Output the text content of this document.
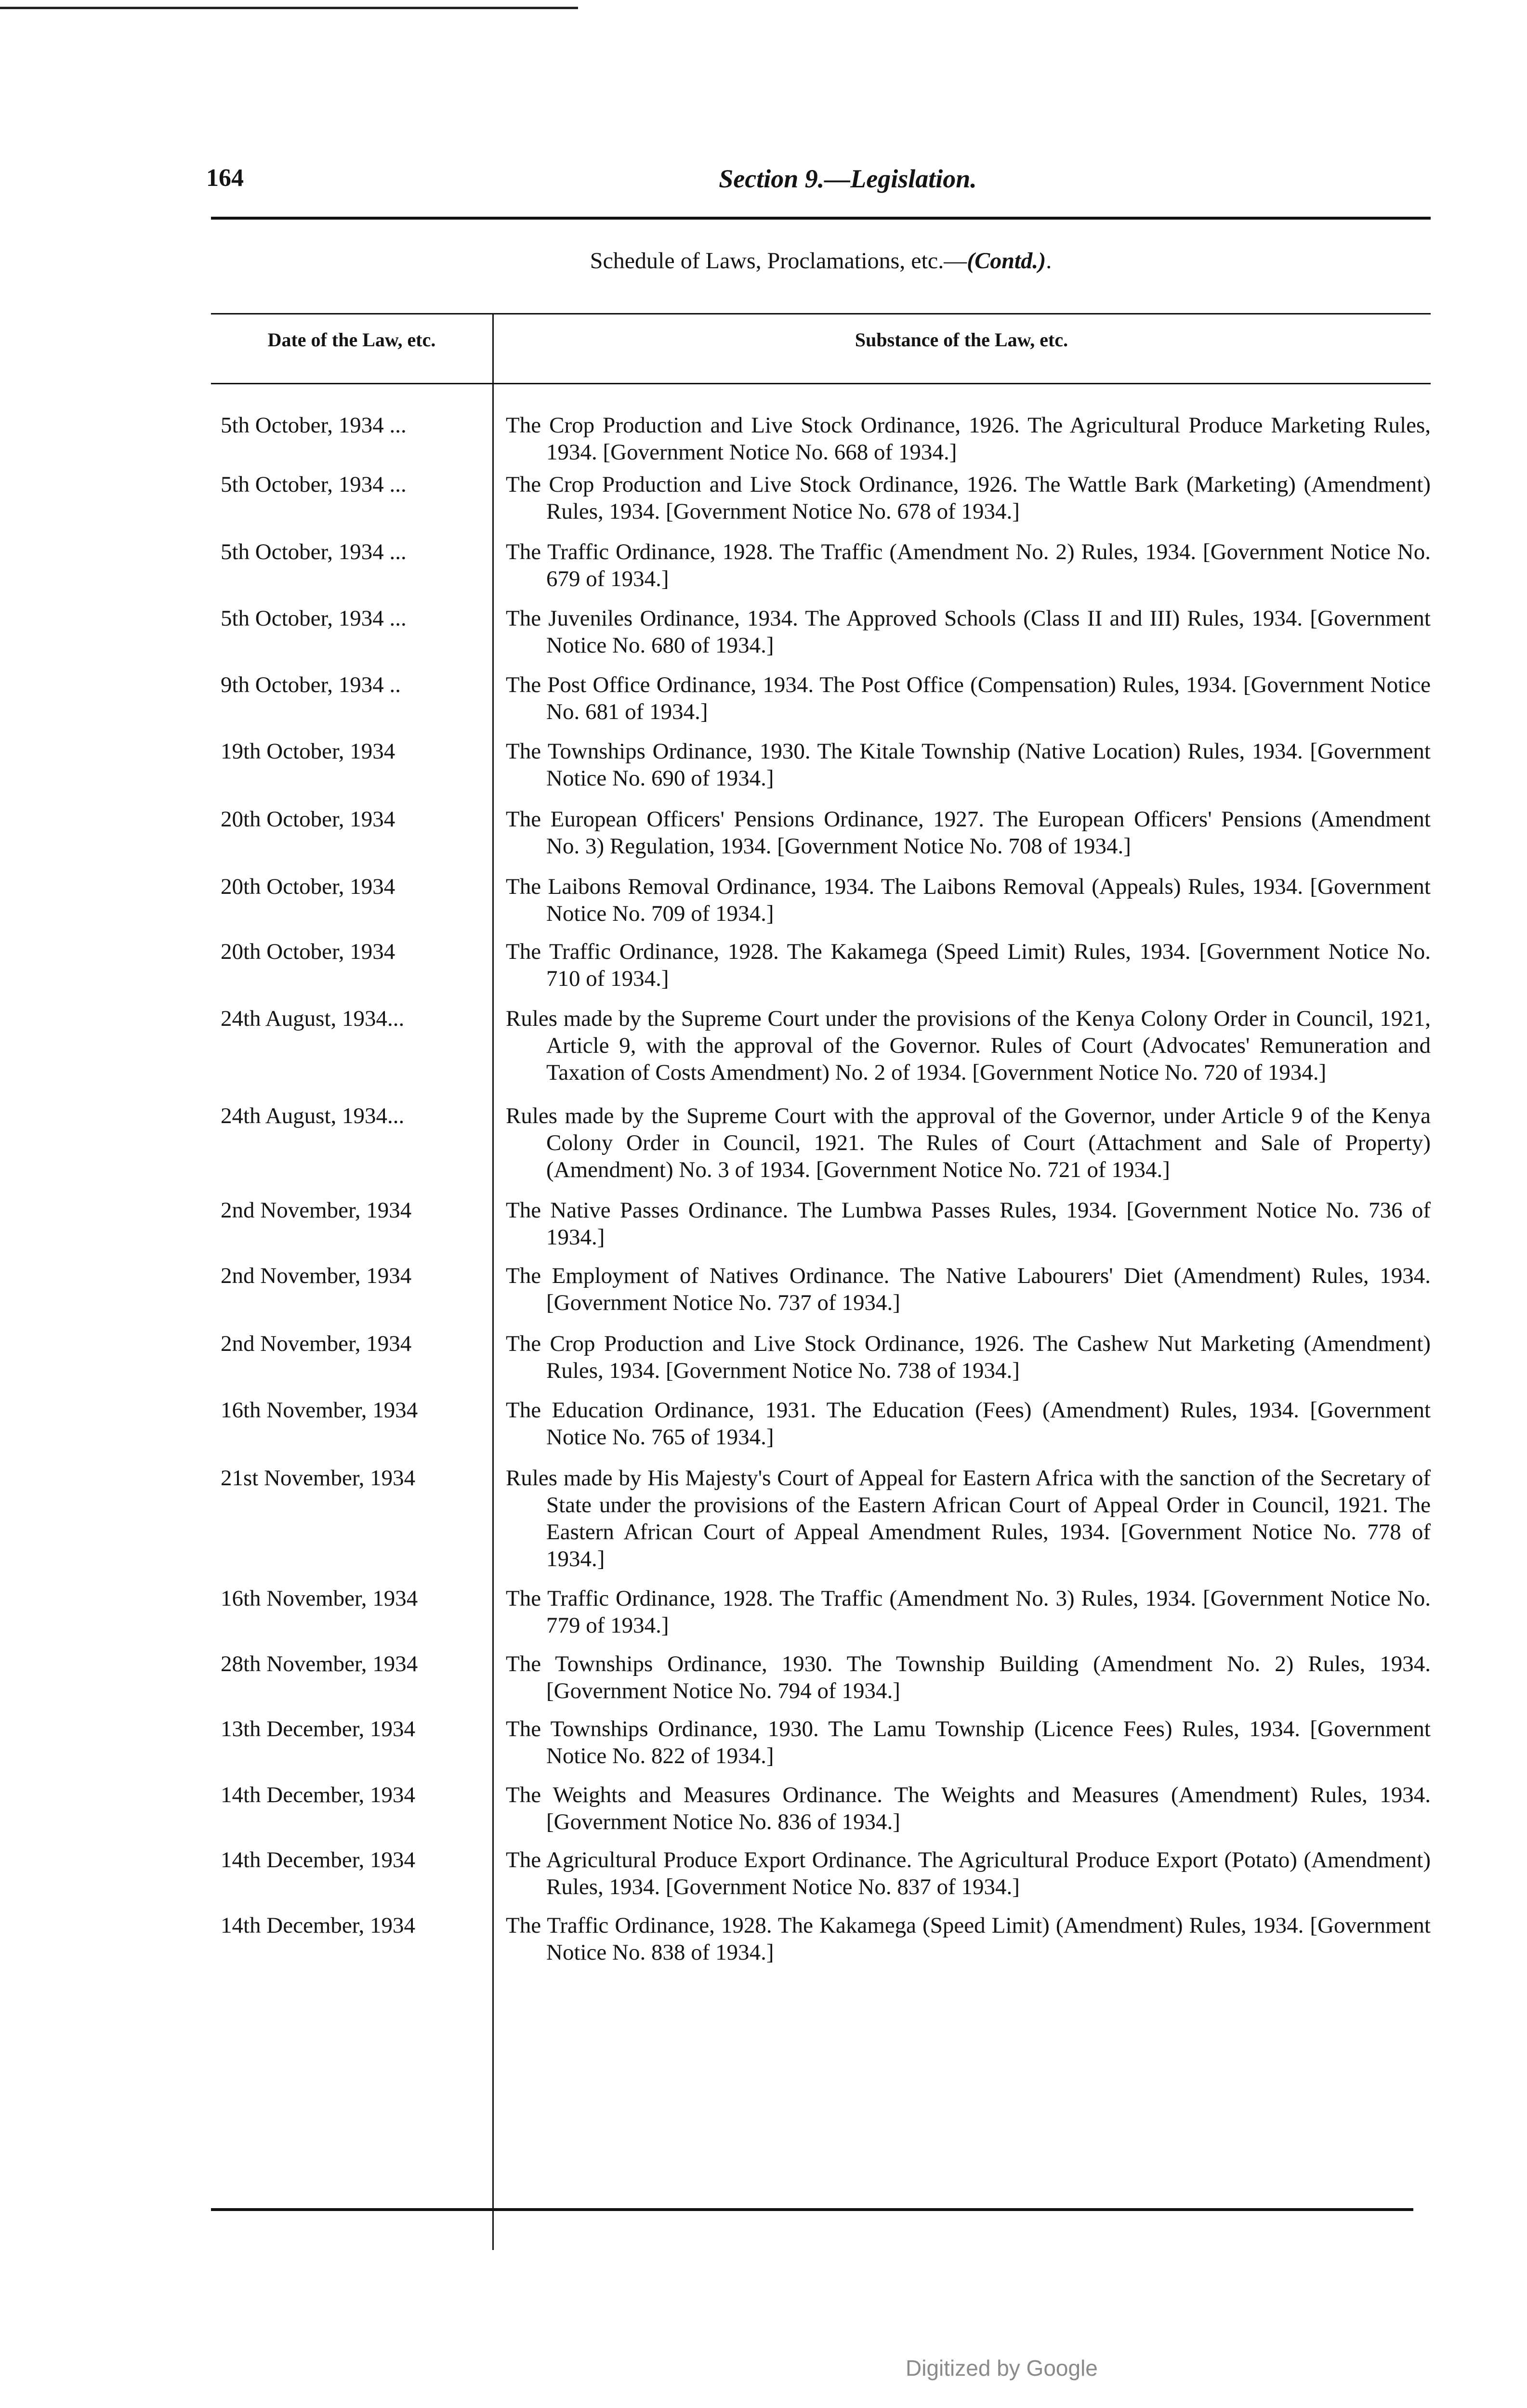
164	Section 9.—Legislation.
Schedule of Laws, Proclamations, etc.—(Contd.).
Date of the Law, etc.	Substance of the Law, etc.
5th October, 1934 ...	The Crop Production and Live Stock Ordinance, 1926. The Agricultural Produce Marketing Rules, 1934. [Government Notice No. 668 of 1934.]
5th October, 1934 ...	The Crop Production and Live Stock Ordinance, 1926. The Wattle Bark (Marketing) (Amendment) Rules, 1934. [Government Notice No. 678 of 1934.]
5th October, 1934 ...	The Traffic Ordinance, 1928. The Traffic (Amendment No. 2) Rules, 1934. [Government Notice No. 679 of 1934.]
5th October, 1934 ...	The Juveniles Ordinance, 1934. The Approved Schools (Class II and III) Rules, 1934. [Government Notice No. 680 of 1934.]
9th October, 1934 ..	The Post Office Ordinance, 1934. The Post Office (Compensation) Rules, 1934. [Government Notice No. 681 of 1934.]
19th October, 1934	The Townships Ordinance, 1930. The Kitale Township (Native Location) Rules, 1934. [Government Notice No. 690 of 1934.]
20th October, 1934	The European Officers' Pensions Ordinance, 1927. The European Officers' Pensions (Amendment No. 3) Regulation, 1934. [Government Notice No. 708 of 1934.]
20th October, 1934	The Laibons Removal Ordinance, 1934. The Laibons Removal (Appeals) Rules, 1934. [Government Notice No. 709 of 1934.]
20th October, 1934	The Traffic Ordinance, 1928. The Kakamega (Speed Limit) Rules, 1934. [Government Notice No. 710 of 1934.]
24th August, 1934...	Rules made by the Supreme Court under the provisions of the Kenya Colony Order in Council, 1921, Article 9, with the approval of the Governor. Rules of Court (Advocates' Remuneration and Taxation of Costs Amendment) No. 2 of 1934. [Government Notice No. 720 of 1934.]
24th August, 1934...	Rules made by the Supreme Court with the approval of the Governor, under Article 9 of the Kenya Colony Order in Council, 1921. The Rules of Court (Attachment and Sale of Property) (Amendment) No. 3 of 1934. [Government Notice No. 721 of 1934.]
2nd November, 1934	The Native Passes Ordinance. The Lumbwa Passes Rules, 1934. [Government Notice No. 736 of 1934.]
2nd November, 1934	The Employment of Natives Ordinance. The Native Labourers' Diet (Amendment) Rules, 1934. [Government Notice No. 737 of 1934.]
2nd November, 1934	The Crop Production and Live Stock Ordinance, 1926. The Cashew Nut Marketing (Amendment) Rules, 1934. [Government Notice No. 738 of 1934.]
16th November, 1934	The Education Ordinance, 1931. The Education (Fees) (Amendment) Rules, 1934. [Government Notice No. 765 of 1934.]
21st November, 1934	Rules made by His Majesty's Court of Appeal for Eastern Africa with the sanction of the Secretary of State under the provisions of the Eastern African Court of Appeal Order in Council, 1921. The Eastern African Court of Appeal Amendment Rules, 1934. [Government Notice No. 778 of 1934.]
16th November, 1934	The Traffic Ordinance, 1928. The Traffic (Amendment No. 3) Rules, 1934. [Government Notice No. 779 of 1934.]
28th November, 1934	The Townships Ordinance, 1930. The Township Building (Amendment No. 2) Rules, 1934. [Government Notice No. 794 of 1934.]
13th December, 1934	The Townships Ordinance, 1930. The Lamu Township (Licence Fees) Rules, 1934. [Government Notice No. 822 of 1934.]
14th December, 1934	The Weights and Measures Ordinance. The Weights and Measures (Amendment) Rules, 1934. [Government Notice No. 836 of 1934.]
14th December, 1934	The Agricultural Produce Export Ordinance. The Agricultural Produce Export (Potato) (Amendment) Rules, 1934. [Government Notice No. 837 of 1934.]
14th December, 1934	The Traffic Ordinance, 1928. The Kakamega (Speed Limit) (Amendment) Rules, 1934. [Government Notice No. 838 of 1934.]
Digitized by Google
